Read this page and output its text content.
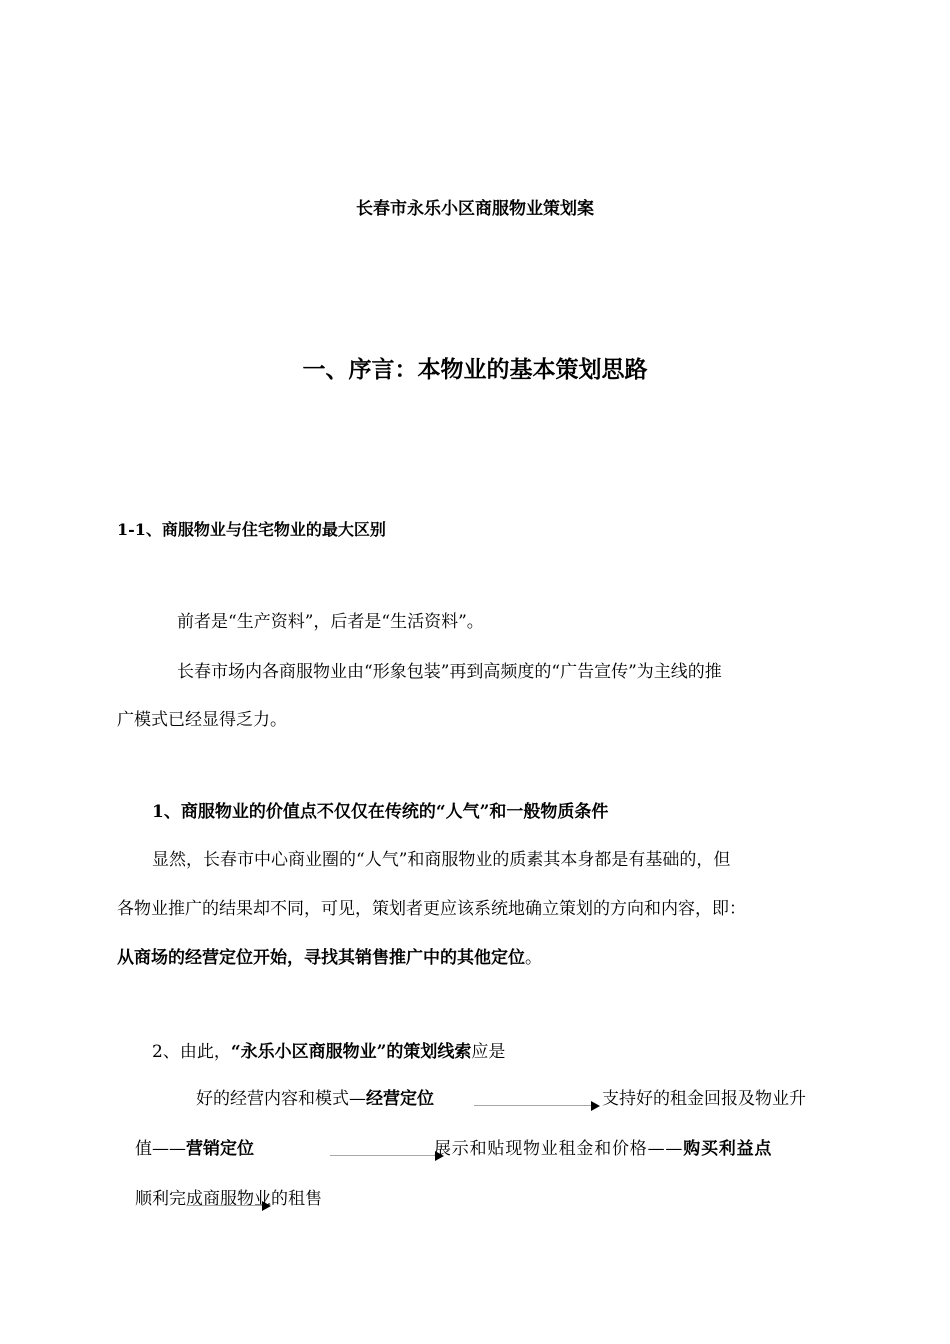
长春市永乐小区商服物业策划案
一、序言：本物业的基本策划思路
1-1、商服物业与住宅物业的最大区别
前者是“生产资料”，后者是“生活资料”。
长春市场内各商服物业由“形象包装”再到高频度的“广告宣传”为主线的推
广模式已经显得乏力。
1、商服物业的价值点不仅仅在传统的“人气”和一般物质条件
显然，长春市中心商业圈的“人气”和商服物业的质素其本身都是有基础的，但
各物业推广的结果却不同，可见，策划者更应该系统地确立策划的方向和内容，即：
从商场的经营定位开始，寻找其销售推广中的其他定位。
2、由此，“永乐小区商服物业”的策划线索应是
好的经营内容和模式—经营定位	支持好的租金回报及物业升
值——营销定位	展示和贴现物业租金和价格——购买利益点
顺利完成商服物业的租售
